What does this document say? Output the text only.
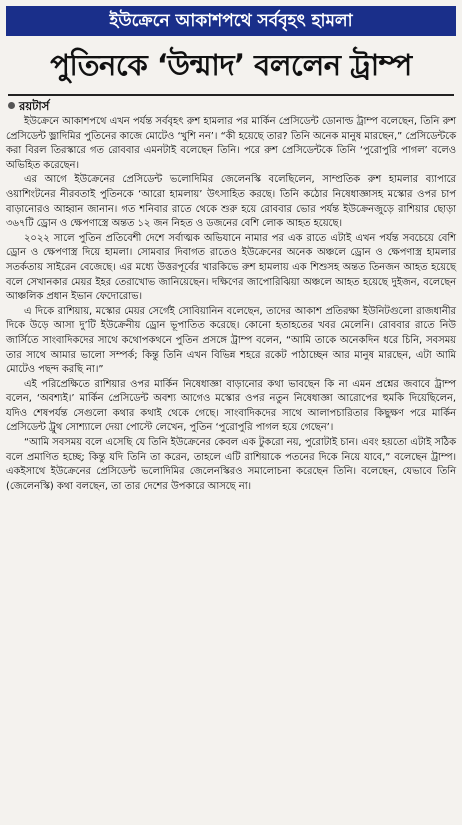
ইউক্রেনে আকাশপথে সর্ববৃহৎ হামলা
পুতিনকে ‘উন্মাদ’ বললেন ট্রাম্প
রয়টার্স

ইউক্রেনে আকাশপথে এখন পর্যন্ত সর্ববৃহৎ রুশ হামলার পর মার্কিন প্রেসিডেন্ট ডোনাল্ড ট্রাম্প বলেছেন, তিনি রুশ প্রেসিডেন্ট ভ্লাদিমির পুতিনের কাজে মোটেও ‘খুশি নন’। “কী হয়েছে তার? তিনি অনেক মানুষ মারছেন,” প্রেসিডেন্টকে করা বিরল তিরস্কারে গত রোববার এমনটাই বলেছেন তিনি। পরে রুশ প্রেসিডেন্টকে তিনি ‘পুরোপুরি পাগল’ বলেও অভিহিত করেছেন।

এর আগে ইউক্রেনের প্রেসিডেন্ট ভলোদিমির জেলেনস্কি বলেছিলেন, সাম্প্রতিক রুশ হামলার ব্যাপারে ওয়াশিংটনের নীরবতাই পুতিনকে ‘আরো হামলায়’ উৎসাহিত করছে। তিনি কঠোর নিষেধাজ্ঞাসহ মস্কোর ওপর চাপ বাড়ানোরও আহ্বান জানান। গত শনিবার রাতে থেকে শুরু হয়ে রোববার ভোর পর্যন্ত ইউক্রেনজুড়ে রাশিয়ার ছোড়া ৩৬৭টি ড্রোন ও ক্ষেপণাস্ত্রে অন্তত ১২ জন নিহত ও ডজনের বেশি লোক আহত হয়েছে।

২০২২ সালে পুতিন প্রতিবেশী দেশে সর্বাত্মক অভিযানে নামার পর এক রাতে এটাই এখন পর্যন্ত সবচেয়ে বেশি ড্রোন ও ক্ষেপণাস্ত্র দিয়ে হামলা। সোমবার দিবাগত রাতেও ইউক্রেনের অনেক অঞ্চলে ড্রোন ও ক্ষেপণাস্ত্র হামলার সতর্কতায় সাইরেন বেজেছে। এর মধ্যে উত্তরপূর্বের খারকিভে রুশ হামলায় এক শিশুসহ অন্তত তিনজন আহত হয়েছে বলে সেখানকার মেয়র ইহর তেরাখোভ জানিয়েছেন। দক্ষিণের জাপোরিঝিয়া অঞ্চলে আহত হয়েছে দুইজন, বলেছেন আঞ্চলিক প্রধান ইভান ফেদোরোভ।

এ দিকে রাশিয়ায়, মস্কোর মেয়র সের্গেই সোবিয়ানিন বলেছেন, তাদের আকাশ প্রতিরক্ষা ইউনিটগুলো রাজধানীর দিকে উড়ে আসা দু’টি ইউক্রেনীয় ড্রোন ভূপাতিত করেছে। কোনো হতাহতের খবর মেলেনি। রোববার রাতে নিউ জার্সিতে সাংবাদিকদের সাথে কথোপকথনে পুতিন প্রসঙ্গে ট্রাম্প বলেন, “আমি তাকে অনেকদিন ধরে চিনি, সবসময় তার সাথে আমার ভালো সম্পর্ক; কিন্তু তিনি এখন বিভিন্ন শহরে রকেট পাঠাচ্ছেন আর মানুষ মারছেন, এটা আমি মোটেও পছন্দ করছি না।”

এই পরিপ্রেক্ষিতে রাশিয়ার ওপর মার্কিন নিষেধাজ্ঞা বাড়ানোর কথা ভাবছেন কি না এমন প্রশ্নের জবাবে ট্রাম্প বলেন, ‘অবশ্যই।’ মার্কিন প্রেসিডেন্ট অবশ্য আগেও মস্কোর ওপর নতুন নিষেধাজ্ঞা আরোপের হুমকি দিয়েছিলেন, যদিও শেষপর্যন্ত সেগুলো কথার কথাই থেকে গেছে। সাংবাদিকদের সাথে আলাপচারিতার কিছুক্ষণ পরে মার্কিন প্রেসিডেন্ট ট্রুথ সোশ্যালে দেয়া পোস্টে লেখেন, পুতিন ‘পুরোপুরি পাগল হয়ে গেছেন’।

“আমি সবসময় বলে এসেছি যে তিনি ইউক্রেনের কেবল এক টুকরো নয়, পুরোটাই চান। এবং হয়তো এটাই সঠিক বলে প্রমাণিত হচ্ছে; কিন্তু যদি তিনি তা করেন, তাহলে এটি রাশিয়াকে পতনের দিকে নিয়ে যাবে,” বলেছেন ট্রাম্প। একইসাথে ইউক্রেনের প্রেসিডেন্ট ভলোদিমির জেলেনস্কিরও সমালোচনা করেছেন তিনি। বলেছেন, যেভাবে তিনি (জেলেনস্কি) কথা বলছেন, তা তার দেশের উপকারে আসছে না।
